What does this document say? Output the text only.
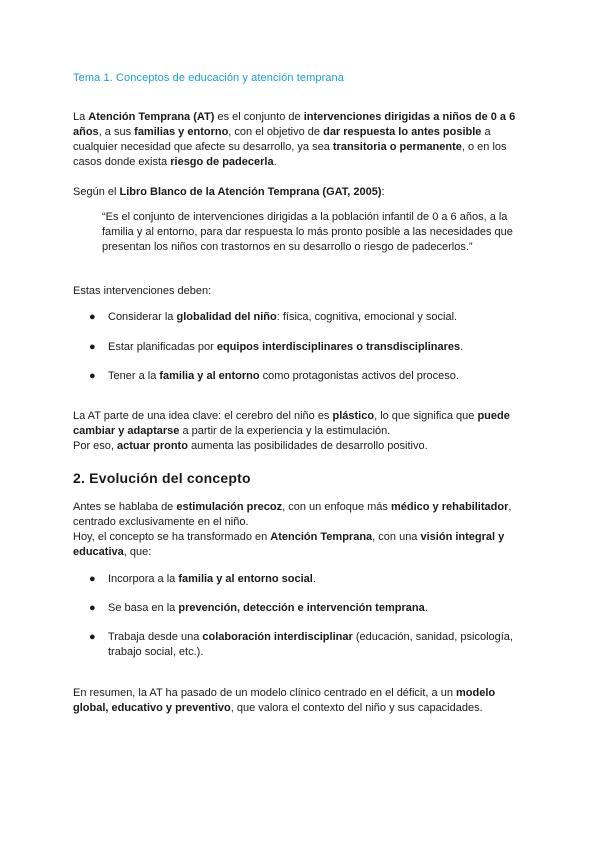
Tema 1. Conceptos de educación y atención temprana
La Atención Temprana (AT) es el conjunto de intervenciones dirigidas a niños de 0 a 6 años, a sus familias y entorno, con el objetivo de dar respuesta lo antes posible a cualquier necesidad que afecte su desarrollo, ya sea transitoria o permanente, o en los casos donde exista riesgo de padecerla.
Según el Libro Blanco de la Atención Temprana (GAT, 2005):
“Es el conjunto de intervenciones dirigidas a la población infantil de 0 a 6 años, a la familia y al entorno, para dar respuesta lo más pronto posible a las necesidades que presentan los niños con trastornos en su desarrollo o riesgo de padecerlos.”
Estas intervenciones deben:
● Considerar la globalidad del niño: física, cognitiva, emocional y social.
● Estar planificadas por equipos interdisciplinares o transdisciplinares.
● Tener a la familia y al entorno como protagonistas activos del proceso.
La AT parte de una idea clave: el cerebro del niño es plástico, lo que significa que puede cambiar y adaptarse a partir de la experiencia y la estimulación.
Por eso, actuar pronto aumenta las posibilidades de desarrollo positivo.
2. Evolución del concepto
Antes se hablaba de estimulación precoz, con un enfoque más médico y rehabilitador, centrado exclusivamente en el niño.
Hoy, el concepto se ha transformado en Atención Temprana, con una visión integral y educativa, que:
● Incorpora a la familia y al entorno social.
● Se basa en la prevención, detección e intervención temprana.
● Trabaja desde una colaboración interdisciplinar (educación, sanidad, psicología, trabajo social, etc.).
En resumen, la AT ha pasado de un modelo clínico centrado en el déficit, a un modelo global, educativo y preventivo, que valora el contexto del niño y sus capacidades.
